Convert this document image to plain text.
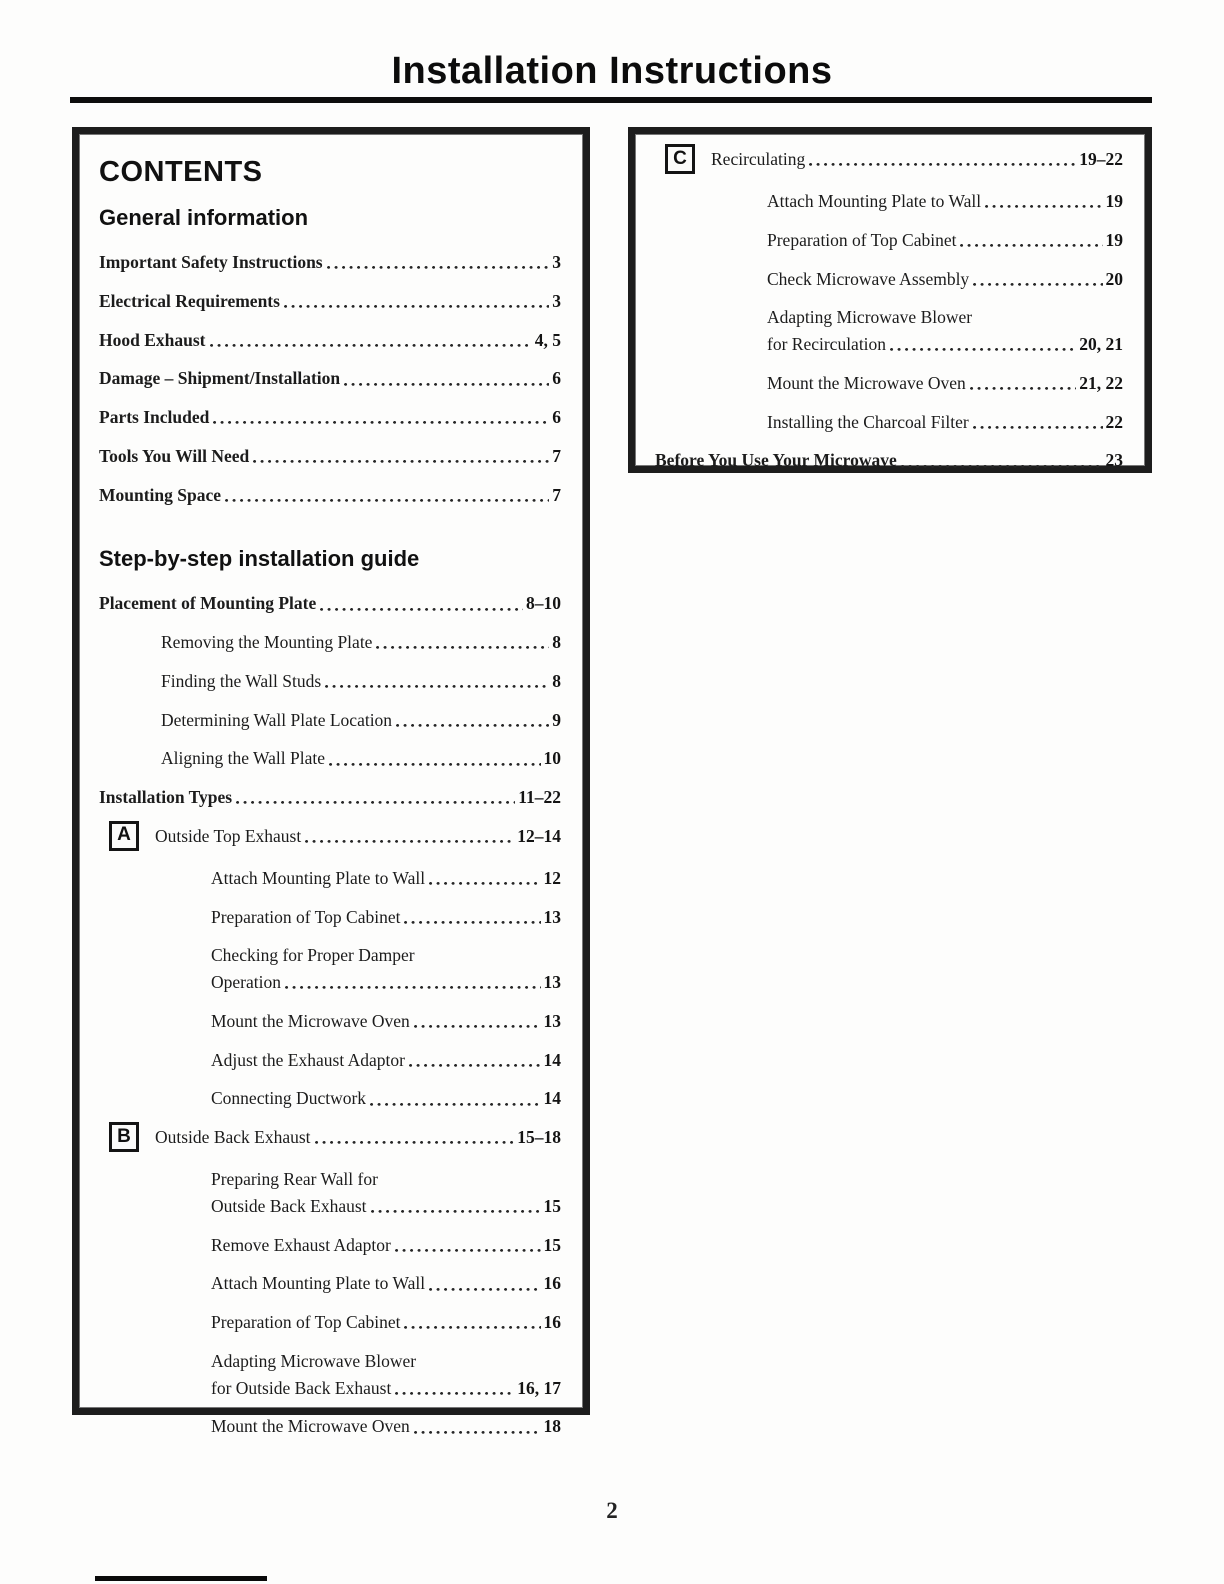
Installation Instructions
CONTENTS
General information
Important Safety Instructions	3
Electrical Requirements	3
Hood Exhaust	4, 5
Damage – Shipment/Installation	6
Parts Included	6
Tools You Will Need	7
Mounting Space	7
Step-by-step installation guide
Placement of Mounting Plate	8–10
Removing the Mounting Plate	8
Finding the Wall Studs	8
Determining Wall Plate Location	9
Aligning the Wall Plate	10
Installation Types	11–22
A	Outside Top Exhaust	12–14
Attach Mounting Plate to Wall	12
Preparation of Top Cabinet	13
Checking for Proper Damper
Operation	13
Mount the Microwave Oven	13
Adjust the Exhaust Adaptor	14
Connecting Ductwork	14
B	Outside Back Exhaust	15–18
Preparing Rear Wall for
Outside Back Exhaust	15
Remove Exhaust Adaptor	15
Attach Mounting Plate to Wall	16
Preparation of Top Cabinet	16
Adapting Microwave Blower
for Outside Back Exhaust	16, 17
Mount the Microwave Oven	18
C	Recirculating	19–22
Attach Mounting Plate to Wall	19
Preparation of Top Cabinet	19
Check Microwave Assembly	20
Adapting Microwave Blower
for Recirculation	20, 21
Mount the Microwave Oven	21, 22
Installing the Charcoal Filter	22
Before You Use Your Microwave	23
2
